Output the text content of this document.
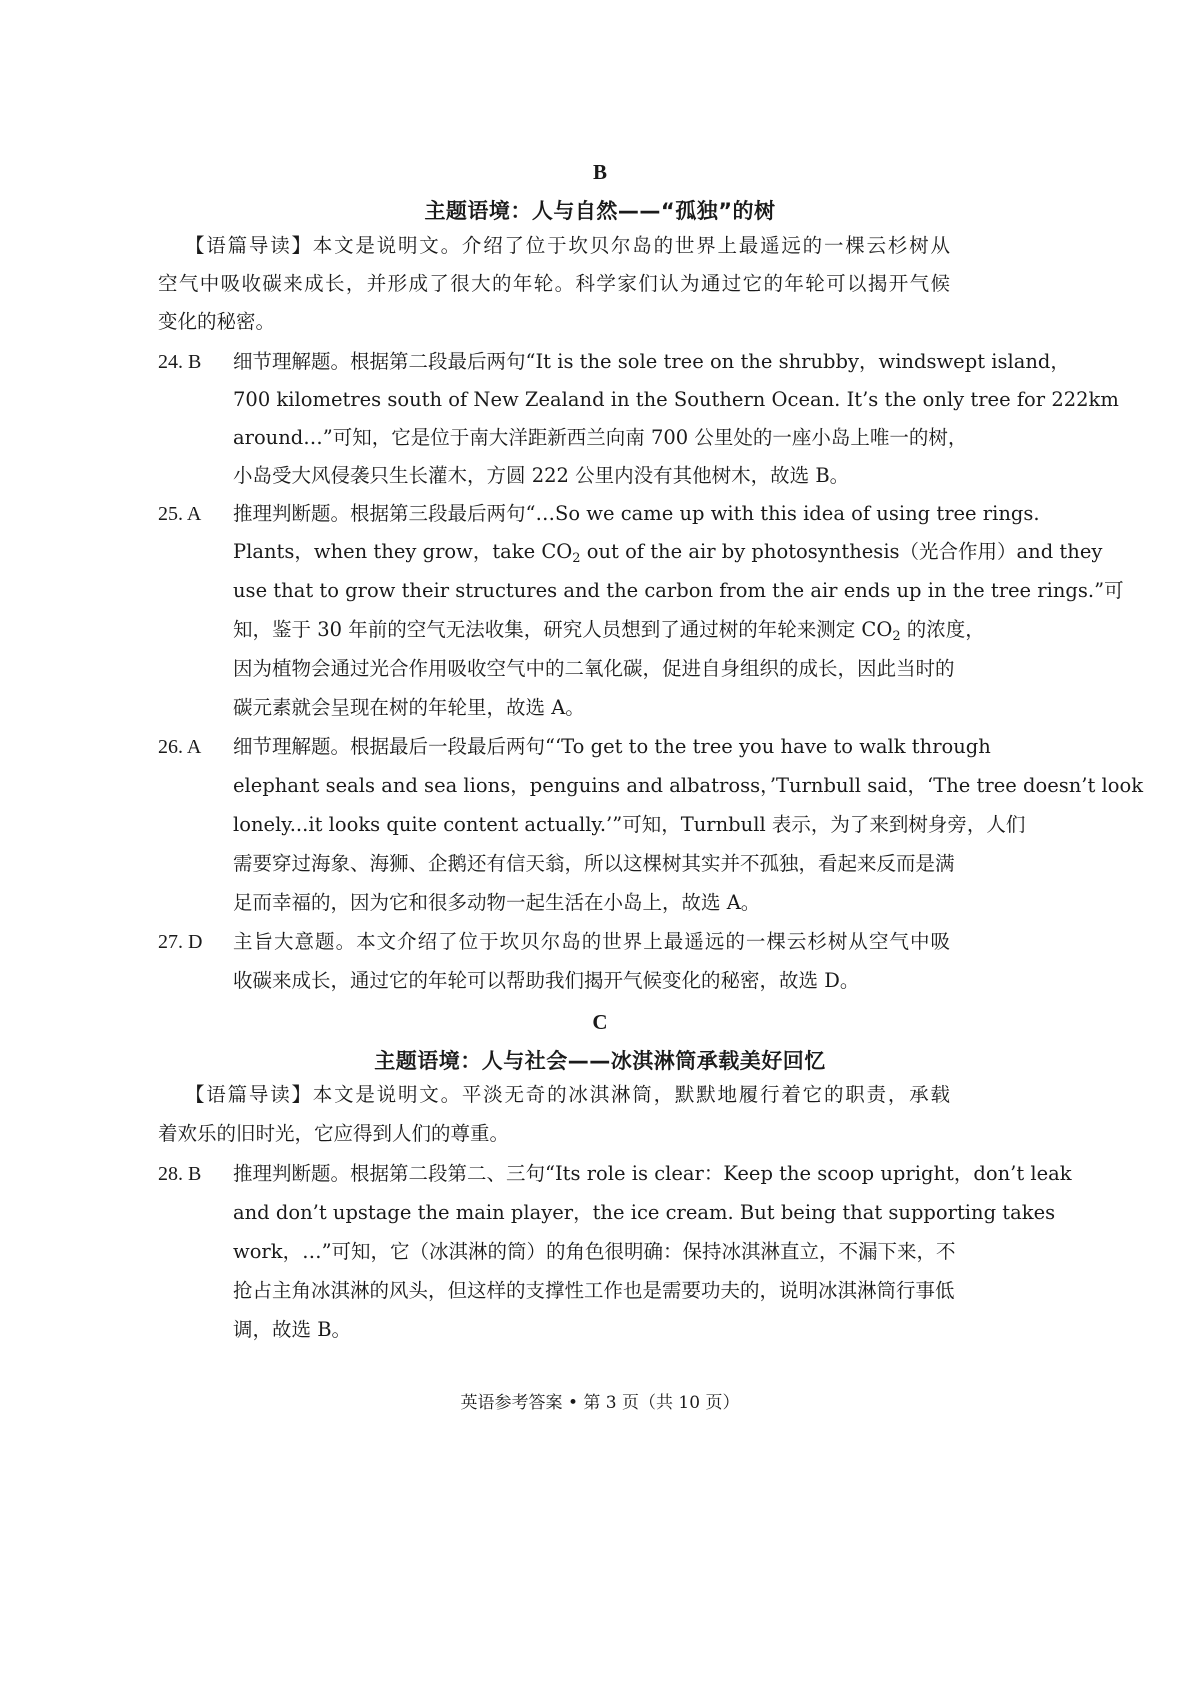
B
主题语境：人与自然——“孤独”的树
【语篇导读】本文是说明文。介绍了位于坎贝尔岛的世界上最遥远的一棵云杉树从
空气中吸收碳来成长，并形成了很大的年轮。科学家们认为通过它的年轮可以揭开气候
变化的秘密。
24. B 细节理解题。根据第二段最后两句“It is the sole tree on the shrubby，windswept island，
700 kilometres south of New Zealand in the Southern Ocean. It’s the only tree for 222km
around…”可知，它是位于南大洋距新西兰向南 700 公里处的一座小岛上唯一的树，
小岛受大风侵袭只生长灌木，方圆 222 公里内没有其他树木，故选 B。
25. A 推理判断题。根据第三段最后两句“…So we came up with this idea of using tree rings.
Plants，when they grow，take $CO_2$ out of the air by photosynthesis（光合作用）and they
use that to grow their structures and the carbon from the air ends up in the tree rings.”可
知，鉴于 30 年前的空气无法收集，研究人员想到了通过树的年轮来测定 $CO_2$ 的浓度，
因为植物会通过光合作用吸收空气中的二氧化碳，促进自身组织的成长，因此当时的
碳元素就会呈现在树的年轮里，故选 A。
26. A 细节理解题。根据最后一段最后两句“‘To get to the tree you have to walk through
elephant seals and sea lions，penguins and albatross，’Turnbull said，‘The tree doesn’t look
lonely...it looks quite content actually.’”可知，Turnbull 表示，为了来到树身旁，人们
需要穿过海象、海狮、企鹅还有信天翁，所以这棵树其实并不孤独，看起来反而是满
足而幸福的，因为它和很多动物一起生活在小岛上，故选 A。
27. D 主旨大意题。本文介绍了位于坎贝尔岛的世界上最遥远的一棵云杉树从空气中吸
收碳来成长，通过它的年轮可以帮助我们揭开气候变化的秘密，故选 D。
C
主题语境：人与社会——冰淇淋筒承载美好回忆
【语篇导读】本文是说明文。平淡无奇的冰淇淋筒，默默地履行着它的职责，承载
着欢乐的旧时光，它应得到人们的尊重。
28. B 推理判断题。根据第二段第二、三句“Its role is clear：Keep the scoop upright，don’t leak
and don’t upstage the main player，the ice cream. But being that supporting takes
work，…”可知，它（冰淇淋的筒）的角色很明确：保持冰淇淋直立，不漏下来，不
抢占主角冰淇淋的风头，但这样的支撑性工作也是需要功夫的，说明冰淇淋筒行事低
调，故选 B。
英语参考答案 • 第 3 页（共 10 页）
